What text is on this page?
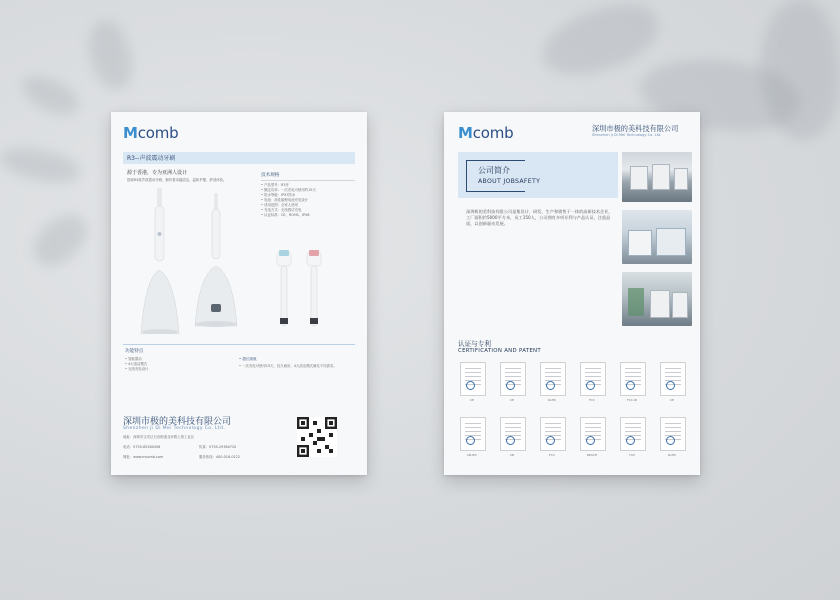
Mcomb
R3--声波震动牙刷
源于香港，专为亚洲人设计
搭载R3款声波震动牙刷，拥有着卓越清洁，温和护龈，舒适体验。
技术规格
• 产品型号：R3牙
• 额定功率：一次充电可使用约15天
• 防水等级：IPX7防水
• 电池：高性能锂电池充电设计
• 适用范围：全家人使用
• 充电方式：无线感应充电
• 认证标准：CE、ROHS、IPX6
功能特点
• 智能震动
• 4大清洁模式
• 无线充电设计
• 超长续航
• 一次充电可使用15天，经久耐用，4大清洁模式满足不同需求。
深圳市极的美科技有限公司
Shenzhen Ji Di Mei Technology Co. Ltd.
地址：深圳市宝安区石岩街道北环路上排工业区
电话：0755-85264456	传真：0755-29364720
网址：www.mcomb.com	服务热线：400-016-0122
Mcomb	深圳市极的美科技有限公司
Shenzhen Ji Di Mei Technology Co. Ltd.
公司简介
ABOUT JOBSAFETY
深圳极的美科技有限公司是集设计、研发、生产和销售于一体的高新技术企业，工厂面积约5000平方米，员工150人，公司拥有多项专利与产品认证，注重品质，以创新驱动发展。
认证与专利
CERTIFICATION AND PATENT
CE	CE	RoHS	FCC	FCC-ID	CE
CB-IEC	CB	FCC	REACH	TUV	RoHS
